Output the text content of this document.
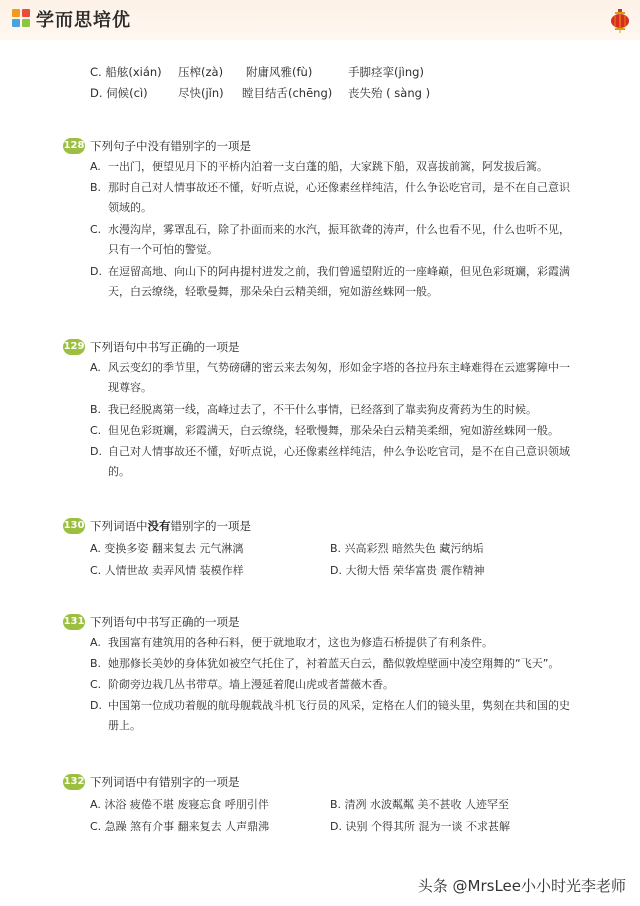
学而思培优
C. 船舷(xián) 压榨(zà) 附庸风雅(fù)	手脚痉挛(jìng)
D. 伺候(cì)	尽快(jǐn) 瞠目结舌(chēng) 丧失殆 ( sàng )
128 下列句子中没有错别字的一项是
A. 一出门，便望见月下的平桥内泊着一支白蓬的船，大家跳下船，双喜拔前篙，阿发拔后篙。
B. 那时自己对人情事故还不懂，好听点说，心还像素丝样纯洁，什么争讼吃官司，是不在自己意识领域的。
C. 水漫沟岸，雾罩乱石，除了扑面而来的水汽，振耳欲聋的涛声，什么也看不见，什么也听不见，只有一个可怕的警觉。
D. 在逗留高地、向山下的阿冉提村进发之前，我们曾遥望附近的一座峰巅，但见色彩斑斓，彩霞满天，白云缭绕，轻歌曼舞，那朵朵白云精美细，宛如游丝蛛网一般。
129 下列语句中书写正确的一项是
A. 风云变幻的季节里，气势磅礴的密云来去匆匆，形如金字塔的各拉丹东主峰难得在云遮雾障中一现尊容。
B. 我已经脱离第一线，高峰过去了，不干什么事情，已经落到了靠卖狗皮膏药为生的时候。
C. 但见色彩斑斓，彩霞满天，白云缭绕，轻歌慢舞，那朵朵白云精美柔细，宛如游丝蛛网一般。
D. 自己对人情事故还不懂，好听点说，心还像素丝样纯洁，仲么争讼吃官司，是不在自己意识领域的。
130 下列词语中没有错别字的一项是
A. 变换多姿 翻来复去 元气淋漓	B. 兴高彩烈 暗然失色 藏污纳垢
C. 人情世故 卖弄风情 装模作样	D. 大彻大悟 荣华富贵 震作精神
131 下列语句中书写正确的一项是
A. 我国富有建筑用的各种石料，便于就地取才，这也为修造石桥提供了有利条件。
B. 她那修长美妙的身体犹如被空气托住了，衬着蓝天白云，酷似敦煌壁画中凌空翔舞的“飞天”。
C. 阶砌旁边栽几丛书带草。墙上漫延着爬山虎或者蔷薇木香。
D. 中国第一位成功着舰的航母舰载战斗机飞行员的风采，定格在人们的镜头里，隽刻在共和国的史册上。
132 下列词语中有错别字的一项是
A. 沐浴 疲倦不堪 废寝忘食 呼朋引伴	B. 清冽 水波粼粼 美不甚收 人迹罕至
C. 急躁 煞有介事 翻来复去 人声鼎沸	D. 诀别 个得其所 混为一谈 不求甚解
头条 @MrsLee小小时光李老师
